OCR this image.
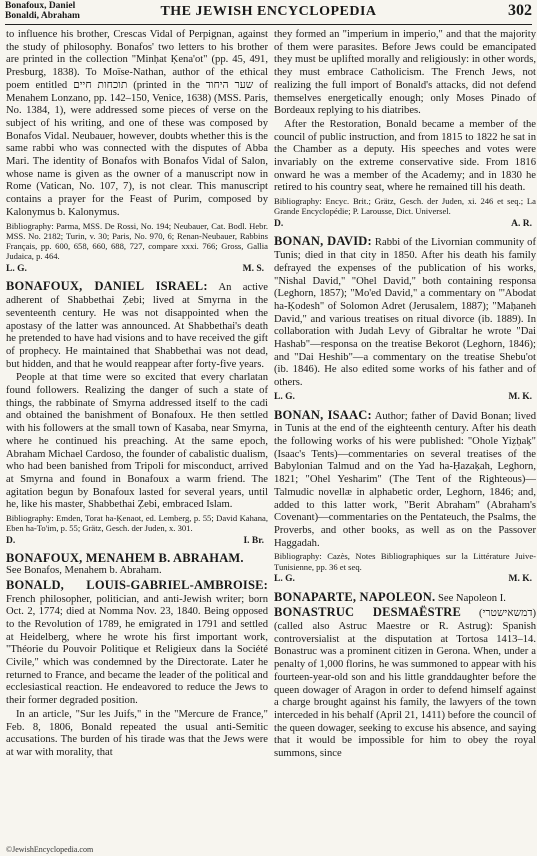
Bonafoux, Daniel
Bonaldi, Abraham	THE JEWISH ENCYCLOPEDIA	302

to influence his brother, Crescas Vidal of Perpignan, against the study of philosophy. Bonafos' two letters to his brother are printed in the collection "Minḥat Ḳena'ot" (pp. 45, 491, Presburg, 1838). To Moïse-Nathan, author of the ethical poem entitled תוכחות חיים (printed in the שער היחוד of Menahem Lonzano, pp. 142–150, Venice, 1638) (MSS. Paris, No. 1384, 1), were addressed some pieces of verse on the subject of his writing, and one of these was composed by Bonafos Vidal. Neubauer, however, doubts whether this is the same rabbi who was connected with the disputes of Abba Mari. The identity of Bonafos with Bonafos Vidal of Salon, whose name is given as the owner of a manuscript now in Rome (Vatican, No. 107, 7), is not clear. This manuscript contains a prayer for the Feast of Purim, composed by Kalonymus b. Kalonymus.

Bibliography: Parma, MSS. De Rossi, No. 194; Neubauer, Cat. Bodl. Hebr. MSS. No. 2182; Turin, v. 30; Paris, No. 970, 6; Renan-Neubauer, Rabbins Français, pp. 600, 658, 660, 688, 727, compare xxxi. 766; Gross, Gallia Judaica, p. 464.

L. G.	M. S.

BONAFOUX, DANIEL ISRAEL: An active adherent of Shabbethai Ẓebi; lived at Smyrna in the seventeenth century. He was not disappointed when the apostasy of the latter was announced. At Shabbethai's death he pretended to have had visions and to have received the gift of prophecy. He maintained that Shabbethai was not dead, but hidden, and that he would reappear after forty-five years.

People at that time were so excited that every charlatan found followers. Realizing the danger of such a state of things, the rabbinate of Smyrna addressed itself to the cadi and obtained the banishment of Bonafoux. He then settled with his followers at the small town of Kasaba, near Smyrna, where he continued his preaching. At the same epoch, Abraham Michael Cardoso, the founder of cabalistic dualism, who had been banished from Tripoli for misconduct, arrived at Smyrna and found in Bonafoux a warm friend. The agitation begun by Bonafoux lasted for several years, until he, like his master, Shabbethai Ẓebi, embraced Islam.

Bibliography: Emden, Torat ha-Ḳenaot, ed. Lemberg, p. 55; David Kahana, Eben ha-To'im, p. 55; Grätz, Gesch. der Juden, x. 301.

D.	I. Br.
BONAFOUX, MENAHEM B. ABRAHAM.

See Bonafos, Menahem b. Abraham.

BONALD, LOUIS-GABRIEL-AMBROISE: French philosopher, politician, and anti-Jewish writer; born Oct. 2, 1774; died at Nomma Nov. 23, 1840. Being opposed to the Revolution of 1789, he emigrated in 1791 and settled at Heidelberg, where he wrote his first important work, "Théorie du Pouvoir Politique et Religieux dans la Société Civile," which was condemned by the Directorate. Later he returned to France, and became the leader of the political and ecclesiastical reaction. He endeavored to reduce the Jews to their former degraded position.

In an article, "Sur les Juifs," in the "Mercure de France," Feb. 8, 1806, Bonald repeated the usual anti-Semitic accusations. The burden of his tirade was that the Jews were at war with morality, that

they formed an "imperium in imperio," and that the majority of them were parasites. Before Jews could be emancipated they must be uplifted morally and religiously: in other words, they must embrace Catholicism. The French Jews, not realizing the full import of Bonald's attacks, did not defend themselves energetically enough; only Moses Pinado of Bordeaux replying to his diatribes.

After the Restoration, Bonald became a member of the council of public instruction, and from 1815 to 1822 he sat in the Chamber as a deputy. His speeches and votes were invariably on the extreme conservative side. From 1816 onward he was a member of the Academy; and in 1830 he retired to his country seat, where he remained till his death.

Bibliography: Encyc. Brit.; Grätz, Gesch. der Juden, xi. 246 et seq.; La Grande Encyclopédie; P. Larousse, Dict. Universel.

D.	A. R.

BONAN, DAVID: Rabbi of the Livornian community of Tunis; died in that city in 1850. After his death his family defrayed the expenses of the publication of his works, "Nishal David," "Ohel David," both containing responsa (Leghorn, 1857); "Mo'ed David," a commentary on "'Abodat ha-Ḳodesh" of Solomon Adret (Jerusalem, 1887); "Maḥaneh David," and various treatises on ritual divorce (ib. 1889). In collaboration with Judah Levy of Gibraltar he wrote "Dai Hashab"—responsa on the treatise Bekorot (Leghorn, 1846); and "Dai Heshib"—a commentary on the treatise Shebu'ot (ib. 1846). He also edited some works of his father and of others.

L. G.	M. K.

BONAN, ISAAC: Author; father of David Bonan; lived in Tunis at the end of the eighteenth century. After his death the following works of his were published: "Ohole Yiẓḥaḳ" (Isaac's Tents)—commentaries on several treatises of the Babylonian Talmud and on the Yad ha-Ḥazaḳah, Leghorn, 1821; "Ohel Yesharim" (The Tent of the Righteous)—Talmudic novellæ in alphabetic order, Leghorn, 1846; and, added to this latter work, "Berit Abraham" (Abraham's Covenant)—commentaries on the Pentateuch, the Psalms, the Proverbs, and other books, as well as on the Passover Haggadah.

Bibliography: Cazès, Notes Bibliographiques sur la Littérature Juive-Tunisienne, pp. 36 et seq.

L. G.	M. K.

BONAPARTE, NAPOLEON. See Napoleon I.

BONASTRUC DESMAËSTRE (דמשאישטרי) (called also Astruc Maestre or R. Astrug): Spanish controversialist at the disputation at Tortosa 1413–14. Bonastruc was a prominent citizen in Gerona. When, under a penalty of 1,000 florins, he was summoned to appear with his fourteen-year-old son and his little granddaughter before the queen dowager of Aragon in order to defend himself against a charge brought against his family, the lawyers of the town interceded in his behalf (April 21, 1411) before the council of the queen dowager, seeking to excuse his absence, and saying that it would be impossible for him to obey the royal summons, since

©JewishEncyclopedia.com
